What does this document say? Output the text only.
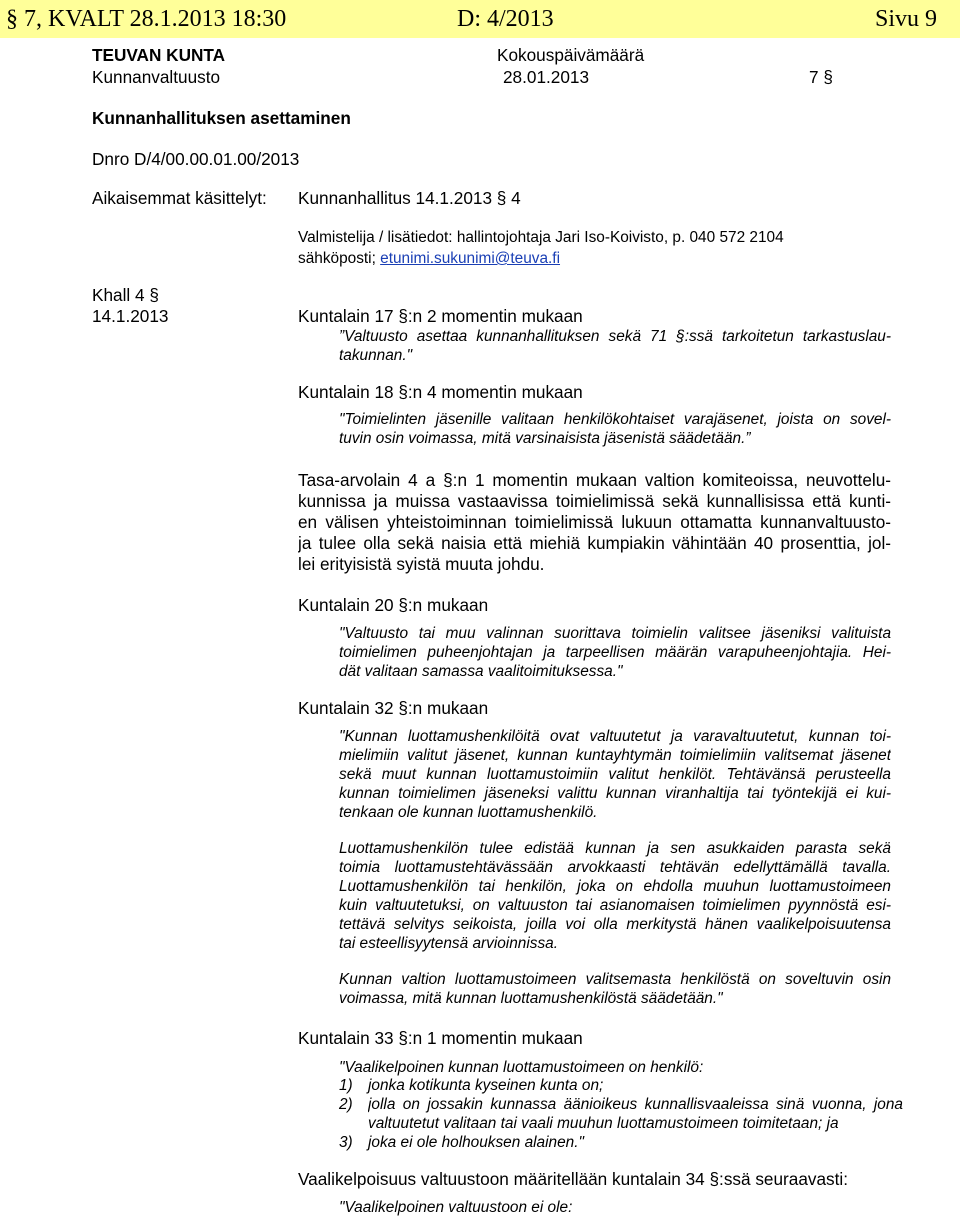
§ 7, KVALT 28.1.2013 18:30	D: 4/2013	Sivu 9
TEUVAN KUNTA	Kokouspäivämäärä
Kunnanvaltuusto	28.01.2013	7 §
Kunnanhallituksen asettaminen
Dnro D/4/00.00.01.00/2013
Aikaisemmat käsittelyt: Kunnanhallitus 14.1.2013 § 4
Valmistelija / lisätiedot: hallintojohtaja Jari Iso-Koivisto, p. 040 572 2104
sähköposti; etunimi.sukunimi@teuva.fi
Khall 4 §
14.1.2013	Kuntalain 17 §:n 2 momentin mukaan
”Valtuusto asettaa kunnanhallituksen sekä 71 §:ssä tarkoitetun tarkastuslau-
takunnan."
Kuntalain 18 §:n 4 momentin mukaan
"Toimielinten jäsenille valitaan henkilökohtaiset varajäsenet, joista on sovel-
tuvin osin voimassa, mitä varsinaisista jäsenistä säädetään.”
Tasa-arvolain 4 a §:n 1 momentin mukaan valtion komiteoissa, neuvottelu-
kunnissa ja muissa vastaavissa toimielimissä sekä kunnallisissa että kunti-
en välisen yhteistoiminnan toimielimissä lukuun ottamatta kunnanvaltuusto-
ja tulee olla sekä naisia että miehiä kumpiakin vähintään 40 prosenttia, jol-
lei erityisistä syistä muuta johdu.
Kuntalain 20 §:n mukaan
"Valtuusto tai muu valinnan suorittava toimielin valitsee jäseniksi valituista
toimielimen puheenjohtajan ja tarpeellisen määrän varapuheenjohtajia. Hei-
dät valitaan samassa vaalitoimituksessa."
Kuntalain 32 §:n mukaan
"Kunnan luottamushenkilöitä ovat valtuutetut ja varavaltuutetut, kunnan toi-
mielimiin valitut jäsenet, kunnan kuntayhtymän toimielimiin valitsemat jäsenet
sekä muut kunnan luottamustoimiin valitut henkilöt. Tehtävänsä perusteella
kunnan toimielimen jäseneksi valittu kunnan viranhaltija tai työntekijä ei kui-
tenkaan ole kunnan luottamushenkilö.
Luottamushenkilön tulee edistää kunnan ja sen asukkaiden parasta sekä
toimia luottamustehtävässään arvokkaasti tehtävän edellyttämällä tavalla.
Luottamushenkilön tai henkilön, joka on ehdolla muuhun luottamustoimeen
kuin valtuutetuksi, on valtuuston tai asianomaisen toimielimen pyynnöstä esi-
tettävä selvitys seikoista, joilla voi olla merkitystä hänen vaalikelpoisuutensa
tai esteellisyytensä arvioinnissa.
Kunnan valtion luottamustoimeen valitsemasta henkilöstä on soveltuvin osin
voimassa, mitä kunnan luottamushenkilöstä säädetään."
Kuntalain 33 §:n 1 momentin mukaan
"Vaalikelpoinen kunnan luottamustoimeen on henkilö:
1) jonka kotikunta kyseinen kunta on;
2) jolla on jossakin kunnassa äänioikeus kunnallisvaaleissa sinä vuonna, jona
valtuutetut valitaan tai vaali muuhun luottamustoimeen toimitetaan; ja
3) joka ei ole holhouksen alainen."
Vaalikelpoisuus valtuustoon määritellään kuntalain 34 §:ssä seuraavasti:
"Vaalikelpoinen valtuustoon ei ole:
